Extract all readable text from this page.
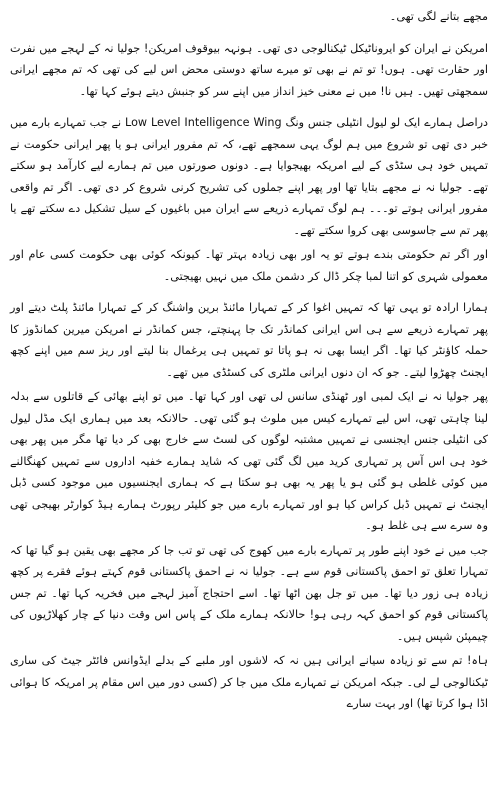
مجھے بتانے لگی تھی۔

امریکن نے ایران کو ایروناٹیکل ٹیکنالوجی دی تھی۔ ہونہہ بیوقوف امریکن! جولیا نہ کے لہجے میں نفرت اور حقارت تھی۔ ہوں! تو تم نے بھی تو میرے ساتھ دوستی محض اس لیے کی تھی کہ تم مجھے ایرانی سمجھتی تھیں۔ ہیں نا! میں نے معنی خیز انداز میں اپنے سر کو جنبش دیتے ہوئے کہا تھا۔

دراصل ہمارے ایک لو لیول انٹیلی جنس ونگ Low Level Intelligence Wing نے جب تمہارے بارے میں خبر دی تھی تو شروع میں ہم لوگ یہی سمجھے تھے، کہ تم مفرور ایرانی ہو یا پھر ایرانی حکومت نے تمہیں خود ہی سٹڈی کے لیے امریکہ بھیجوایا ہے۔ دونوں صورتوں میں تم ہمارے لیے کارآمد ہو سکتے تھے۔ جولیا نہ نے مجھے بتایا تھا اور پھر اپنے جملوں کی تشریح کرنی شروع کر دی تھی۔ اگر تم واقعی مفرور ایرانی ہوتے تو۔۔۔ ہم لوگ تمہارے ذریعے سے ایران میں باغیوں کے سیل تشکیل دے سکتے تھے یا پھر تم سے جاسوسی بھی کروا سکتے تھے۔

اور اگر تم حکومتی بندے ہوتے تو یہ اور بھی زیادہ بہتر تھا۔ کیونکہ کوئی بھی حکومت کسی عام اور معمولی شہری کو اتنا لمبا چکر ڈال کر دشمن ملک میں نہیں بھیجتی۔

ہمارا ارادہ تو یہی تھا کہ تمہیں اغوا کر کے تمہارا مائنڈ برین واشنگ کر کے تمہارا مائنڈ پلٹ دیتے اور پھر تمہارے ذریعے سے ہی اس ایرانی کمانڈر تک جا پہنچتے، جس کمانڈر نے امریکن میرین کمانڈوز کا حملہ کاؤنٹر کیا تھا۔ اگر ایسا بھی نہ ہو پاتا تو تمہیں ہی یرغمال بنا لیتے اور ریز سم میں اپنے کچھ ایجنٹ چھڑوا لیتے۔ جو کہ ان دنوں ایرانی ملٹری کی کسٹڈی میں تھے۔

پھر جولیا نہ نے ایک لمبی اور ٹھنڈی سانس لی تھی اور کہا تھا۔ میں تو اپنے بھائی کے قاتلوں سے بدلہ لینا چاہتی تھی، اس لیے تمہارے کیس میں ملوث ہو گئی تھی۔ حالانکہ بعد میں ہماری ایک مڈل لیول کی انٹیلی جنس ایجنسی نے تمہیں مشتبہ لوگوں کی لسٹ سے خارج بھی کر دیا تھا مگر میں پھر بھی خود ہی اس آس پر تمہاری کرید میں لگ گئی تھی کہ شاید ہمارے خفیہ اداروں سے تمہیں کھنگالنے میں کوئی غلطی ہو گئی ہو یا پھر یہ بھی ہو سکتا ہے کہ ہماری ایجنسیوں میں موجود کسی ڈبل ایجنٹ نے تمہیں ڈبل کراس کیا ہو اور تمہارے بارے میں جو کلیئر رپورٹ ہمارے ہیڈ کوارٹر بھیجی تھی وہ سرے سے ہی غلط ہو۔

جب میں نے خود اپنے طور پر تمہارے بارے میں کھوج کی تھی تو تب جا کر مجھے بھی یقین ہو گیا تھا کہ تمہارا تعلق تو احمق پاکستانی قوم سے ہے۔ جولیا نہ نے احمق پاکستانی قوم کہتے ہوئے فقرے پر کچھ زیادہ ہی زور دیا تھا۔ میں تو جل بھن اٹھا تھا۔ اسے احتجاج آمیز لہجے میں فخریہ کہا تھا۔ تم جس پاکستانی قوم کو احمق کہہ رہی ہو! حالانکہ ہمارے ملک کے پاس اس وقت دنیا کے چار کھلاڑیوں کی چیمپئن شپس ہیں۔

ہاہ! تم سے تو زیادہ سیانے ایرانی ہیں نہ کہ لاشوں اور ملبے کے بدلے ایڈوانس فائٹر جیٹ کی ساری ٹیکنالوجی لے لی۔ جبکہ امریکن نے تمہارے ملک میں جا کر (کسی دور میں اس مقام پر امریکہ کا ہوائی اڈا ہوا کرتا تھا) اور بہت سارے
